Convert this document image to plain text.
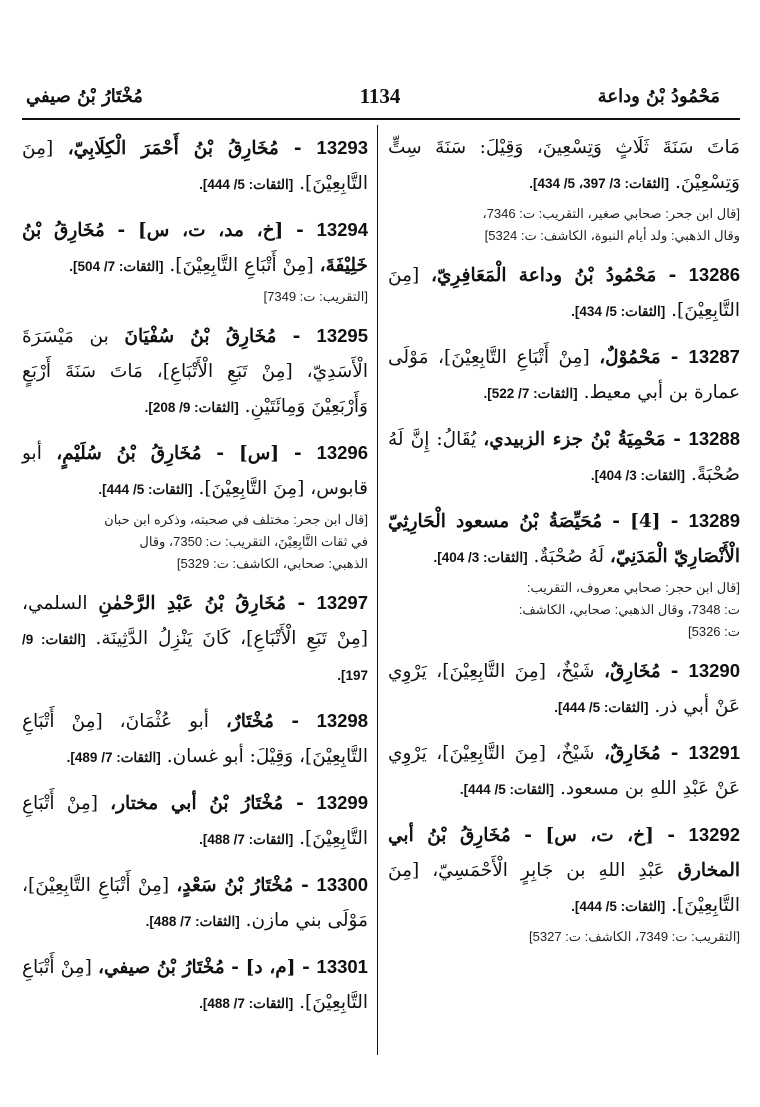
مَحْمُودُ بْنُ وداعة
1134
مُخْتَارُ بْنُ صيفي
مَاتَ سَنَةَ ثَلَاثٍ وَتِسْعِينَ، وَقِيْلَ: سَنَةَ سِتٍّ وَتِسْعِيْنَ. [الثقات: 3/ 397، 5/ 434].
[قال ابن جحر: صحابي صغير، التقريب: ت: 7346،
وقال الذهبي: ولد أيام النبوة، الكاشف: ت: 5324]
13286 - مَحْمُودُ بْنُ وداعة الْمَعَافِرِيّ، [مِنَ التَّابِعِيْنَ]. [الثقات: 5/ 434].
13287 - مَحْمُوْلٌ، [مِنْ أَتْبَاعِ التَّابِعِيْنَ]، مَوْلَى عمارة بن أبي معيط. [الثقات: 7/ 522].
13288 - مَحْمِيَةُ بْنُ جزء الزبيدي، يُقَالُ: إِنَّ لَهُ صُحْبَةً. [الثقات: 3/ 404].
13289 - [4] - مُحَيِّصَةُ بْنُ مسعود الْحَارِثِيّ الْأَنْصَارِيّ الْمَدَنِيّ، لَهُ صُحْبَةٌ. [الثقات: 3/ 404].
[قال ابن حجر: صحابي معروف، التقريب:
ت: 7348، وقال الذهبي: صحابي، الكاشف:
ت: 5326]
13290 - مُخَارِقٌ، شَيْخٌ، [مِنَ التَّابِعِيْنَ]، يَرْوِي عَنْ أبي ذر. [الثقات: 5/ 444].
13291 - مُخَارِقٌ، شَيْخٌ، [مِنَ التَّابِعِيْنَ]، يَرْوِي عَنْ عَبْدِ اللهِ بن مسعود. [الثقات: 5/ 444].
13292 - [خ، ت، س] - مُخَارِقُ بْنُ أبي المخارق عَبْدِ اللهِ بن جَابِرٍ الْأَحْمَسِيّ، [مِنَ التَّابِعِيْنَ]. [الثقات: 5/ 444].
[التقريب: ت: 7349، الكاشف: ت: 5327]
13293 - مُخَارِقُ بْنُ أَحْمَرَ الْكِلَابِيّ، [مِنَ التَّابِعِيْنَ]. [الثقات: 5/ 444].
13294 - [خ، مد، ت، س] - مُخَارِقُ بْنُ خَلِيْفَةَ، [مِنْ أَتْبَاعِ التَّابِعِيْنَ]. [الثقات: 7/ 504].
[التقريب: ت: 7349]
13295 - مُخَارِقُ بْنُ سُفْيَانَ بن مَيْسَرَةَ الْأَسَدِيّ، [مِنْ تَبَعِ الْأَتْبَاعِ]، مَاتَ سَنَةَ أَرْبَعٍ وَأَرْبَعِيْنَ وَمِائَتَيْنِ. [الثقات: 9/ 208].
13296 - [س] - مُخَارِقُ بْنُ سُلَيْمٍ، أبو قابوس، [مِنَ التَّابِعِيْنَ]. [الثقات: 5/ 444].
[قال ابن جحر: مختلف في صحبته، وذكره ابن حبان
في ثقات التَّابِعِيْنَ، التقريب: ت: 7350، وقال
الذهبي: صحابي، الكاشف: ت: 5329]
13297 - مُخَارِقُ بْنُ عَبْدِ الرَّحْمٰنِ السلمي، [مِنْ تَبَعِ الْأَتْبَاعِ]، كَانَ يَنْزِلُ الدَّثِينَة. [الثقات: 9/ 197].
13298 - مُخْتَارٌ، أبو عُثْمَانَ، [مِنْ أَتْبَاعِ التَّابِعِيْنَ]، وَقِيْلَ: أبو غسان. [الثقات: 7/ 489].
13299 - مُخْتَارُ بْنُ أبي مختار، [مِنْ أَتْبَاعِ التَّابِعِيْنَ]. [الثقات: 7/ 488].
13300 - مُخْتَارُ بْنُ سَعْدٍ، [مِنْ أَتْبَاعِ التَّابِعِيْنَ]، مَوْلَى بني مازن. [الثقات: 7/ 488].
13301 - [م، د] - مُخْتَارُ بْنُ صيفي، [مِنْ أَتْبَاعِ التَّابِعِيْنَ]. [الثقات: 7/ 488].
